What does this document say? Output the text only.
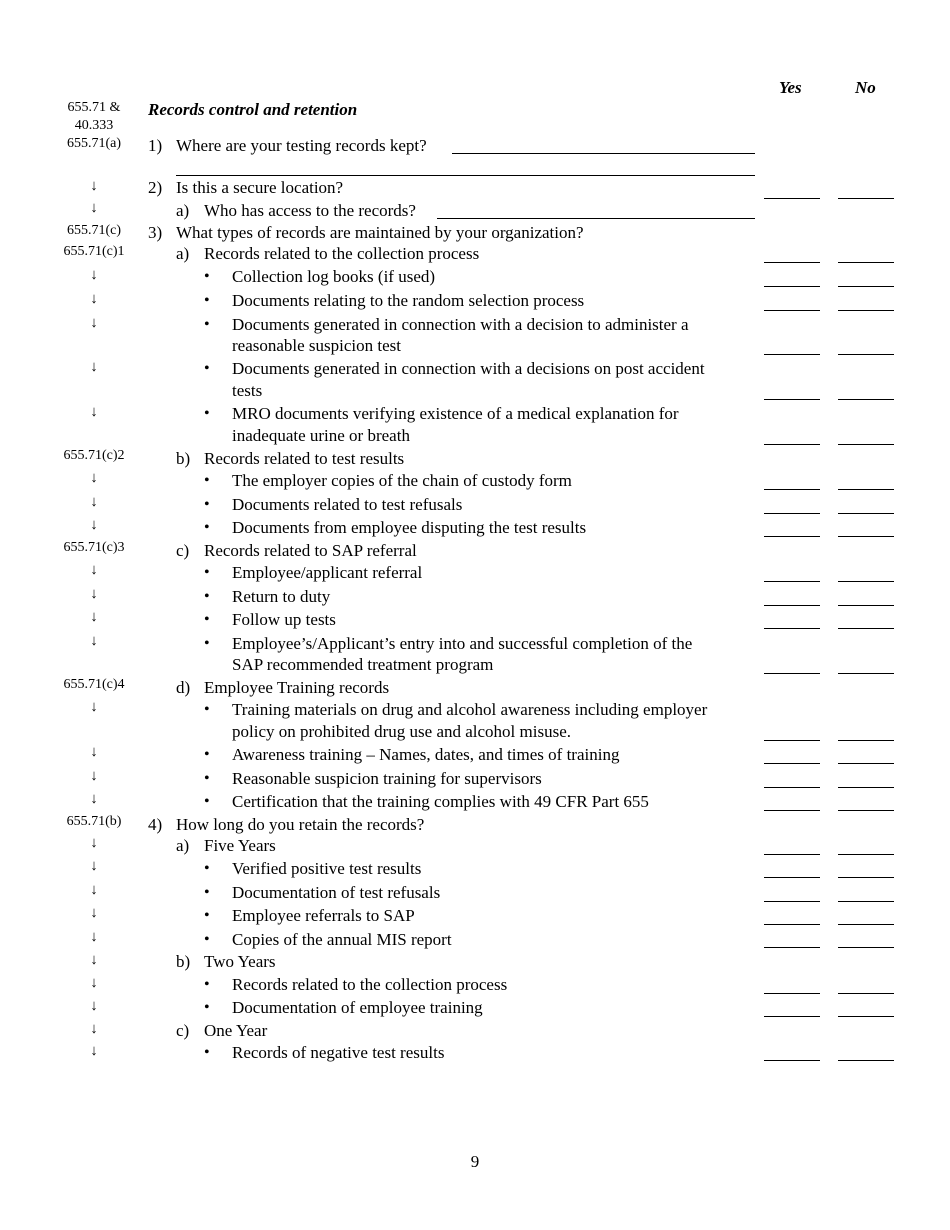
Yes	No
655.71 &
40.333
655.71(a)
↓
↓
655.71(c)
655.71(c)1
↓
↓
↓
↓
↓
655.71(c)2
↓
↓
↓
655.71(c)3
↓
↓
↓
↓
655.71(c)4
↓
↓
↓
↓
655.71(b)
↓
↓
↓
↓
↓
↓
↓
↓
↓
↓
Records control and retention
1) Where are your testing records kept?
2) Is this a secure location?
a) Who has access to the records?
3) What types of records are maintained by your organization?
a) Records related to the collection process
• Collection log books (if used)
• Documents relating to the random selection process
• Documents generated in connection with a decision to administer a
reasonable suspicion test
• Documents generated in connection with a decisions on post accident
tests
• MRO documents verifying existence of a medical explanation for
inadequate urine or breath
b) Records related to test results
• The employer copies of the chain of custody form
• Documents related to test refusals
• Documents from employee disputing the test results
c) Records related to SAP referral
• Employee/applicant referral
• Return to duty
• Follow up tests
• Employee’s/Applicant’s entry into and successful completion of the
SAP recommended treatment program
d) Employee Training records
• Training materials on drug and alcohol awareness including employer
policy on prohibited drug use and alcohol misuse.
• Awareness training – Names, dates, and times of training
• Reasonable suspicion training for supervisors
• Certification that the training complies with 49 CFR Part 655
4) How long do you retain the records?
a) Five Years
• Verified positive test results
• Documentation of test refusals
• Employee referrals to SAP
• Copies of the annual MIS report
b) Two Years
• Records related to the collection process
• Documentation of employee training
c) One Year
• Records of negative test results
9
